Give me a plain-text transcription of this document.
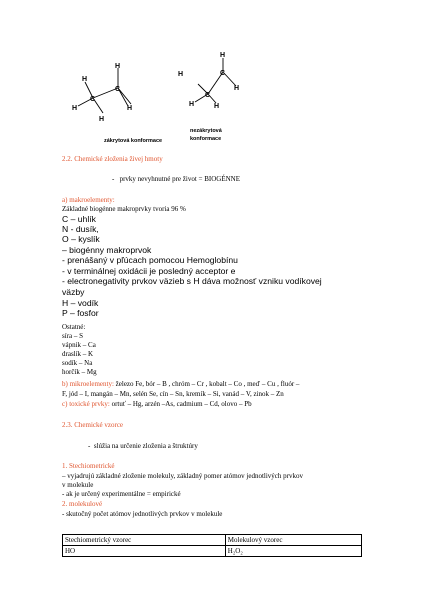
C
C
H
H
H
H
H
zákrytová konformace
C
C
H
H
H
H	H
nezákrytová
konformace
2.2. Chemické zloženia živej hmoty
-   prvky nevyhnutné pre život = BIOGÉNNE
a) makroelementy:
Základné biogénne makroprvky tvoria 96 %
C – uhlík
N - dusík,
O – kyslík
– biogénny makroprvok
- prenášaný v pľúcach pomocou Hemoglobínu
- v terminálnej oxidácii je posledný acceptor e
- electronegativity prvkov väzieb s H dáva možnosť vzniku vodíkovej
väzby
H – vodík
P – fosfor
Ostatné:
síra – S
vápnik – Ca
draslík – K
sodík – Na
horčík – Mg
b) mikroelementy: železo Fe, bór – B , chróm – Cr , kobalt – Co , meď – Cu , fluór –
F, jód – I, mangán – Mn, selén Se, cín – Sn, kremík – Si, vanád – V, zinok – Zn
c) toxické prvky: ortuť – Hg, arzén –As, cadmium – Cd, olovo – Pb
2.3. Chemické vzorce
-  slúžia na určenie zloženia a štruktúry
1. Stechiometrické
– vyjadrujú základné zloženie molekuly, základný pomer atómov jednotlivých prvkov
v molekule
- ak je určený experimentálne = empirické
2. molekulové
- skutočný počet atómov jednotlivých prvkov v molekule
Stechiometrický vzorec	Molekulový vzorec
HO	H₂O₂
